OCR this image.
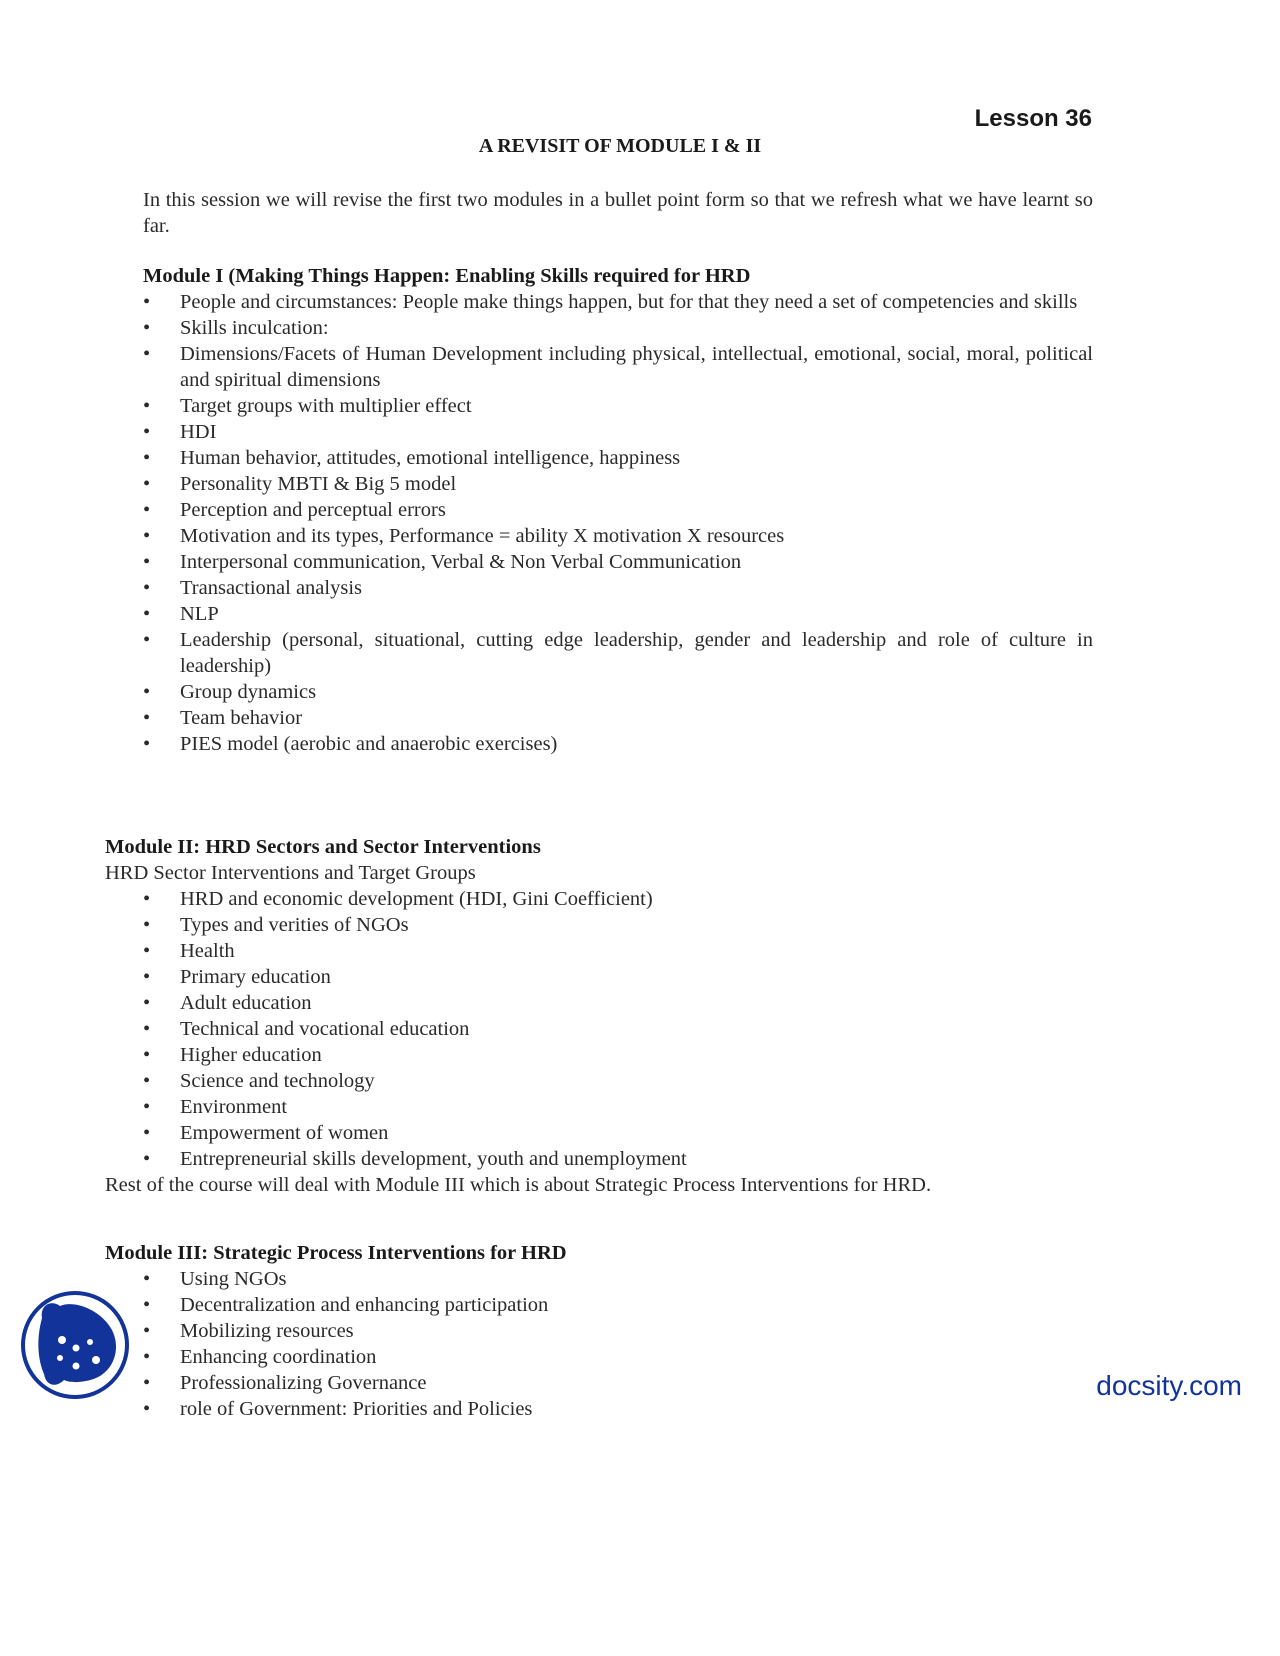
Lesson 36
A REVISIT OF MODULE I & II

In this session we will revise the first two modules in a bullet point form so that we refresh what we have learnt so far.

Module I (Making Things Happen: Enabling Skills required for HRD

• People and circumstances: People make things happen, but for that they need a set of competencies and skills
• Skills inculcation:
• Dimensions/Facets of Human Development including physical, intellectual, emotional, social, moral, political and spiritual dimensions
• Target groups with multiplier effect
• HDI
• Human behavior, attitudes, emotional intelligence, happiness
• Personality MBTI & Big 5 model
• Perception and perceptual errors
• Motivation and its types, Performance = ability X motivation X resources
• Interpersonal communication, Verbal & Non Verbal Communication
• Transactional analysis
• NLP
• Leadership (personal, situational, cutting edge leadership, gender and leadership and role of culture in leadership)
• Group dynamics
• Team behavior
• PIES model (aerobic and anaerobic exercises)

Module II: HRD Sectors and Sector Interventions

HRD Sector Interventions and Target Groups

• HRD and economic development (HDI, Gini Coefficient)
• Types and verities of NGOs
• Health
• Primary education
• Adult education
• Technical and vocational education
• Higher education
• Science and technology
• Environment
• Empowerment of women
• Entrepreneurial skills development, youth and unemployment

Rest of the course will deal with Module III which is about Strategic Process Interventions for HRD.

Module III: Strategic Process Interventions for HRD

• Using NGOs
• Decentralization and enhancing participation
• Mobilizing resources
• Enhancing coordination
• Professionalizing Governance
• role of Government: Priorities and Policies
docsity.com
